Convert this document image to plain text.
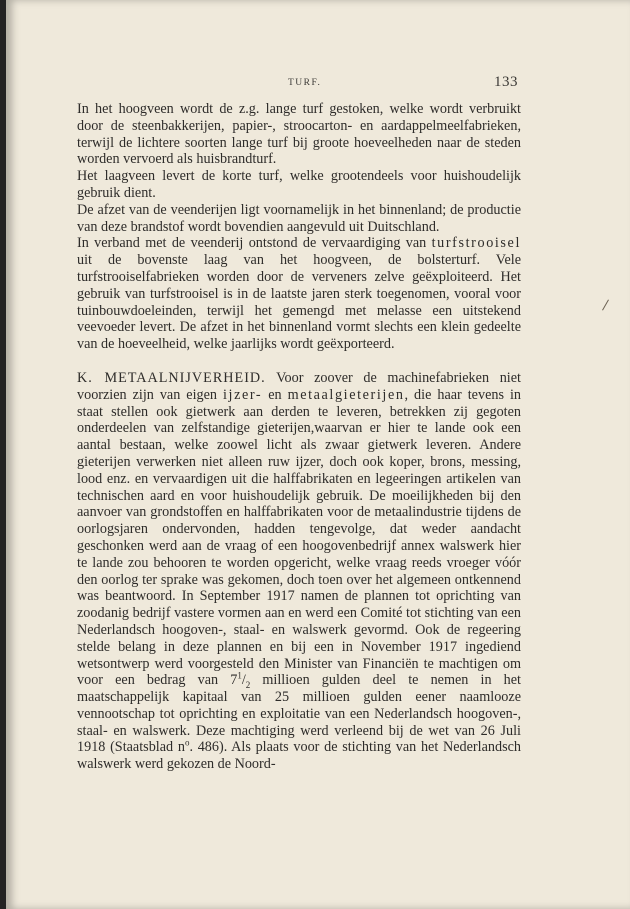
TURF.	133

In het hoogveen wordt de z.g. lange turf gestoken, welke wordt verbruikt door de steenbakkerijen, papier-, stroocarton- en aardappelmeelfabrieken, terwijl de lichtere soorten lange turf bij groote hoeveelheden naar de steden worden vervoerd als huisbrandturf.

Het laagveen levert de korte turf, welke grootendeels voor huishoudelijk gebruik dient.

De afzet van de veenderijen ligt voornamelijk in het binnenland; de productie van deze brandstof wordt bovendien aangevuld uit Duitschland.

In verband met de veenderij ontstond de vervaardiging van turfstrooisel uit de bovenste laag van het hoogveen, de bolsterturf. Vele turfstrooiselfabrieken worden door de verveners zelve geëxploiteerd. Het gebruik van turfstrooisel is in de laatste jaren sterk toegenomen, vooral voor tuinbouwdoeleinden, terwijl het gemengd met melasse een uitstekend veevoeder levert. De afzet in het binnenland vormt slechts een klein gedeelte van de hoeveelheid, welke jaarlijks wordt geëxporteerd.

K. METAALNIJVERHEID. Voor zoover de machinefabrieken niet voorzien zijn van eigen ijzer- en metaalgieterijen, die haar tevens in staat stellen ook gietwerk aan derden te leveren, betrekken zij gegoten onderdeelen van zelfstandige gieterijen,waarvan er hier te lande ook een aantal bestaan, welke zoowel licht als zwaar gietwerk leveren. Andere gieterijen verwerken niet alleen ruw ijzer, doch ook koper, brons, messing, lood enz. en vervaardigen uit die halffabrikaten en legeeringen artikelen van technischen aard en voor huishoudelijk gebruik. De moeilijkheden bij den aanvoer van grondstoffen en halffabrikaten voor de metaalindustrie tijdens de oorlogsjaren ondervonden, hadden tengevolge, dat weder aandacht geschonken werd aan de vraag of een hoogovenbedrijf annex walswerk hier te lande zou behooren te worden opgericht, welke vraag reeds vroeger vóór den oorlog ter sprake was gekomen, doch toen over het algemeen ontkennend was beantwoord. In September 1917 namen de plannen tot oprichting van zoodanig bedrijf vastere vormen aan en werd een Comité tot stichting van een Nederlandsch hoogoven-, staal- en walswerk gevormd. Ook de regeering stelde belang in deze plannen en bij een in November 1917 ingediend wetsontwerp werd voorgesteld den Minister van Financiën te machtigen om voor een bedrag van $7^1/_2$ millioen gulden deel te nemen in het maatschappelijk kapitaal van 25 millioen gulden eener naamlooze vennootschap tot oprichting en exploitatie van een Nederlandsch hoogoven-, staal- en walswerk. Deze machtiging werd verleend bij de wet van 26 Juli 1918 (Staatsblad $n^o$. 486). Als plaats voor de stichting van het Nederlandsch walswerk werd gekozen de Noord-
